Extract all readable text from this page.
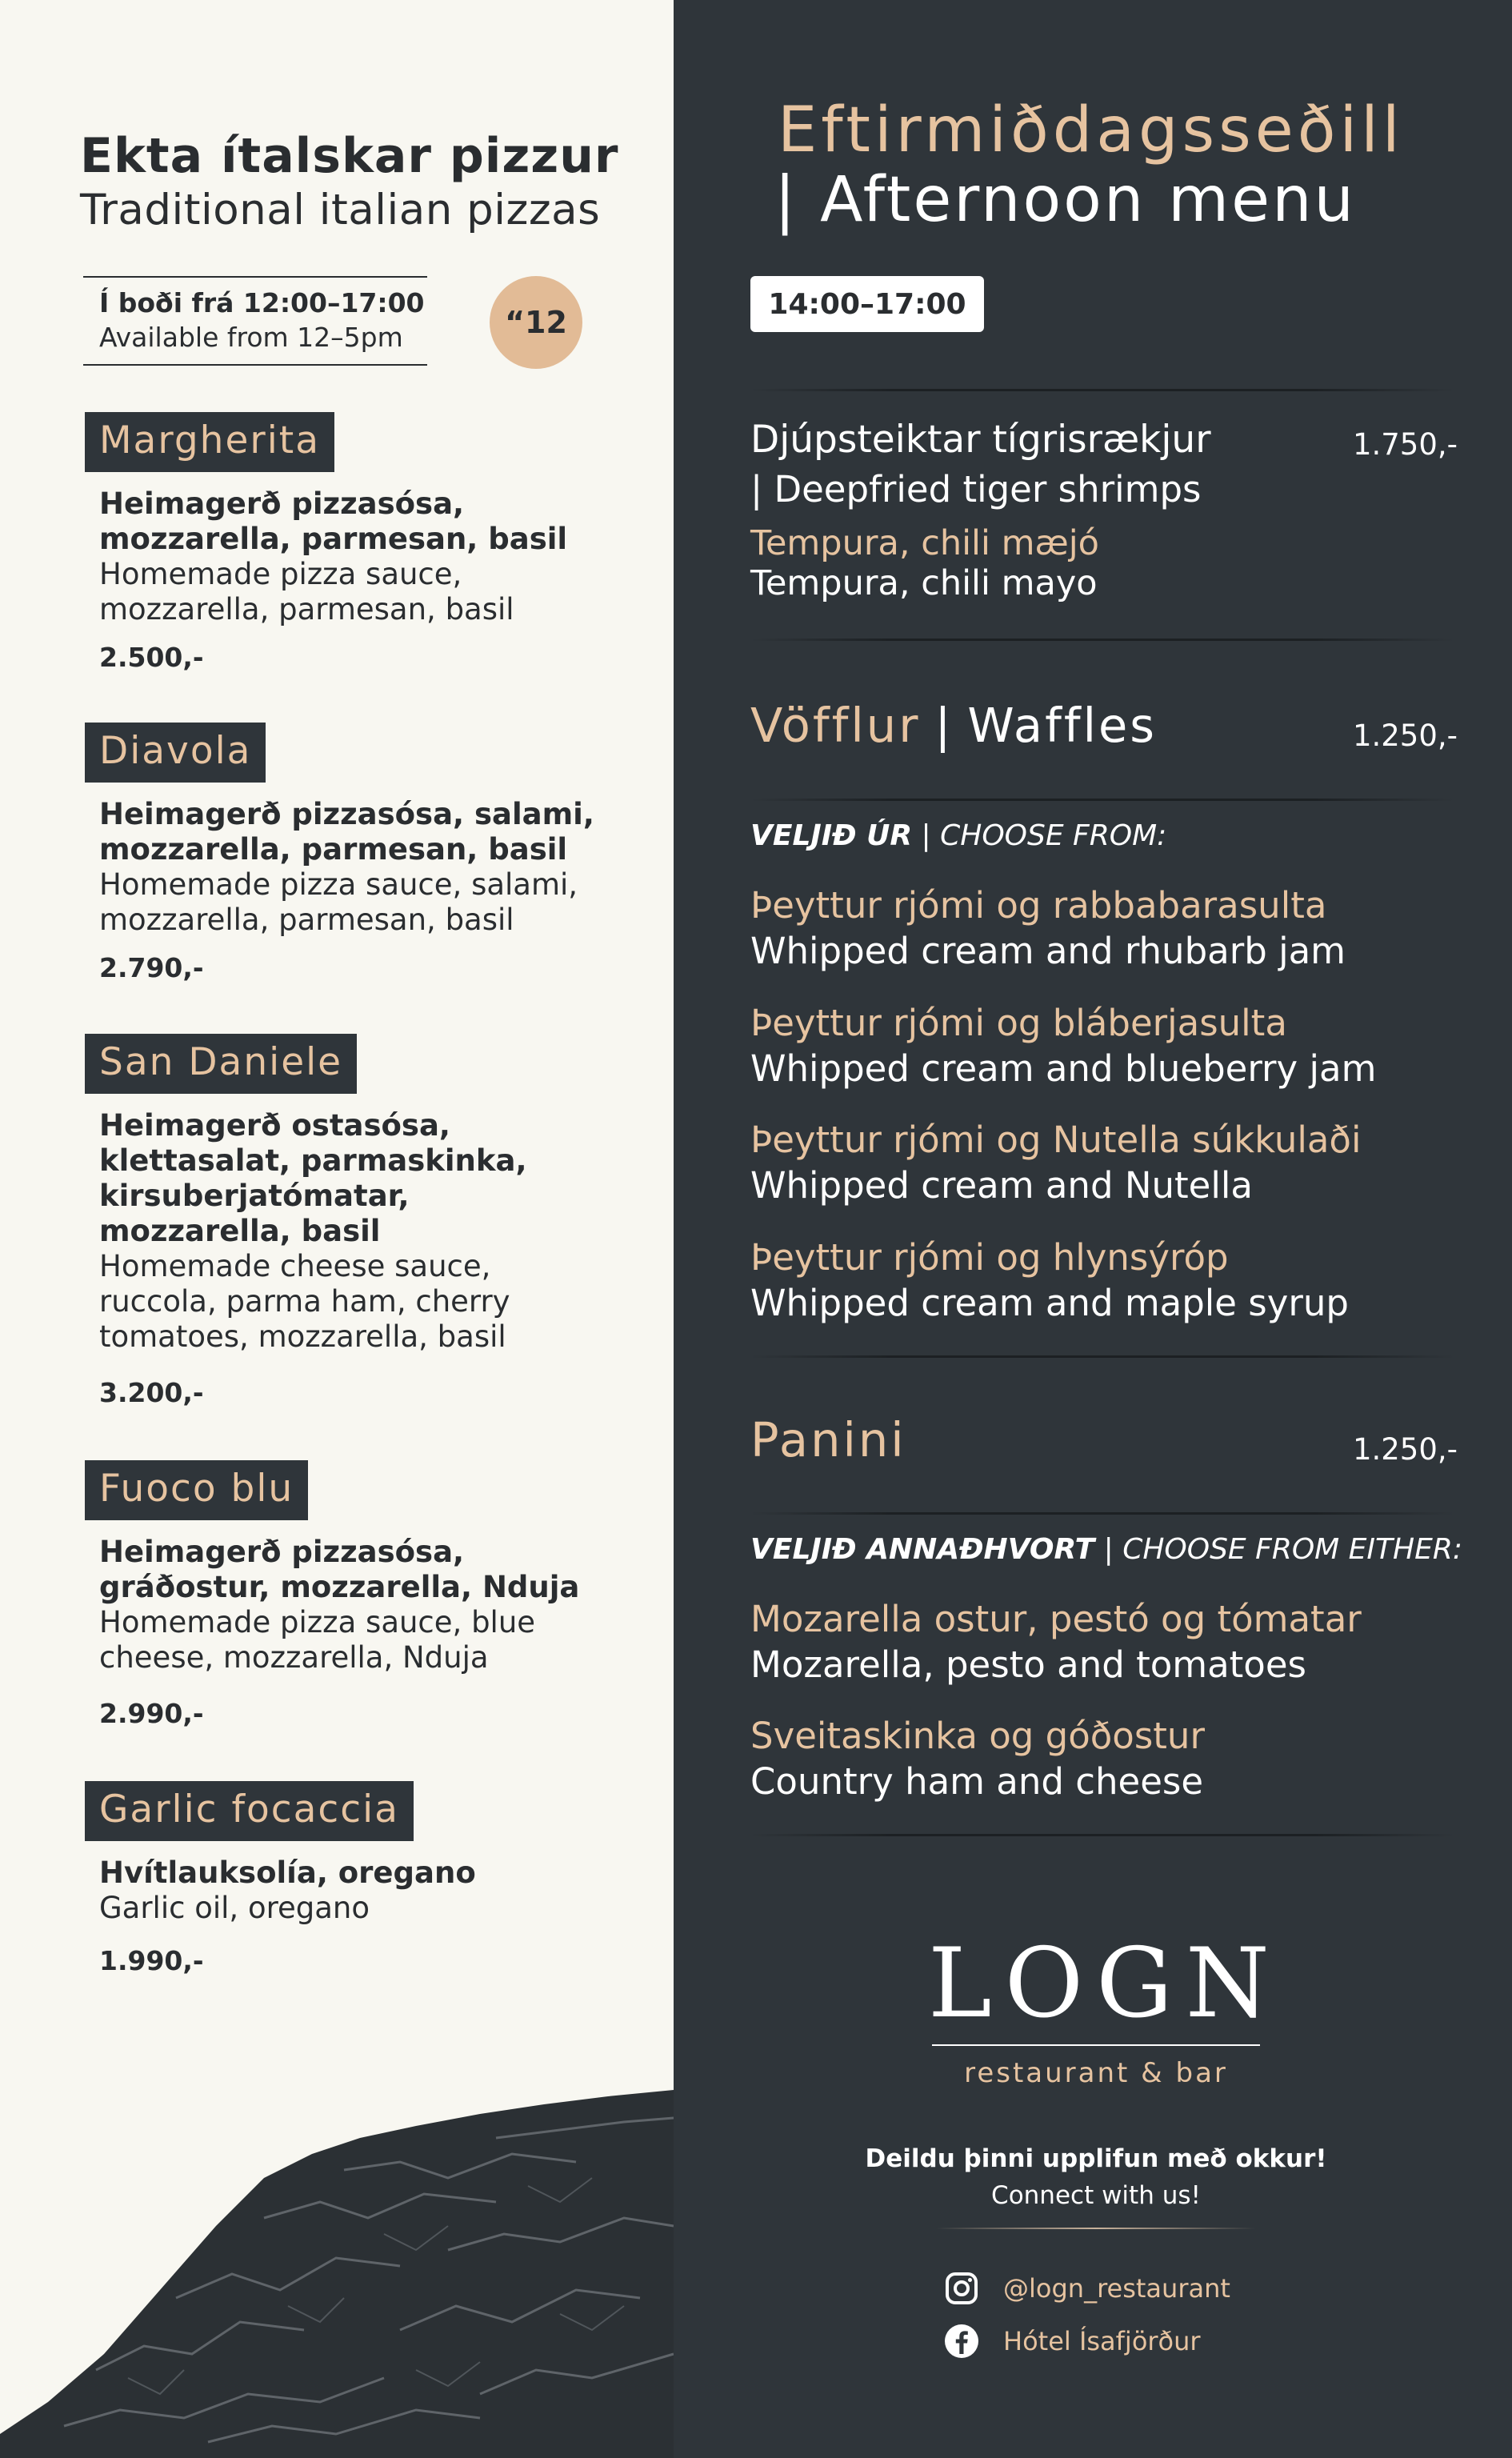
Ekta ítalskar pizzur
Traditional italian pizzas
Í boði frá 12:00–17:00
Available from 12–5pm	“12
Margherita
Heimagerð pizzasósa,
mozzarella, parmesan, basil
Homemade pizza sauce,
mozzarella, parmesan, basil
2.500,-
Diavola
Heimagerð pizzasósa, salami,
mozzarella, parmesan, basil
Homemade pizza sauce, salami,
mozzarella, parmesan, basil
2.790,-
San Daniele
Heimagerð ostasósa,
klettasalat, parmaskinka,
kirsuberjatómatar,
mozzarella, basil
Homemade cheese sauce,
ruccola, parma ham, cherry
tomatoes, mozzarella, basil
3.200,-
Fuoco blu
Heimagerð pizzasósa,
gráðostur, mozzarella, Nduja
Homemade pizza sauce, blue
cheese, mozzarella, Nduja
2.990,-
Garlic focaccia
Hvítlauksolía, oregano
Garlic oil, oregano
1.990,-
Eftirmiðdagsseðill
| Afternoon menu
14:00–17:00
Djúpsteiktar tígrisrækjur
| Deepfried tiger shrimps
Tempura, chili mæjó
Tempura, chili mayo
1.750,-
Vöfflur | Waffles	1.250,-
VELJIÐ ÚR | CHOOSE FROM:
Þeyttur rjómi og rabbabarasulta
Whipped cream and rhubarb jam
Þeyttur rjómi og bláberjasulta
Whipped cream and blueberry jam
Þeyttur rjómi og Nutella súkkulaði
Whipped cream and Nutella
Þeyttur rjómi og hlynsýróp
Whipped cream and maple syrup
Panini	1.250,-
VELJIÐ ANNAÐHVORT | CHOOSE FROM EITHER:
Mozarella ostur, pestó og tómatar
Mozarella, pesto and tomatoes
Sveitaskinka og góðostur
Country ham and cheese
LOGN
restaurant & bar
Deildu þinni upplifun með okkur!
Connect with us!
@logn_restaurant
Hótel Ísafjörður
